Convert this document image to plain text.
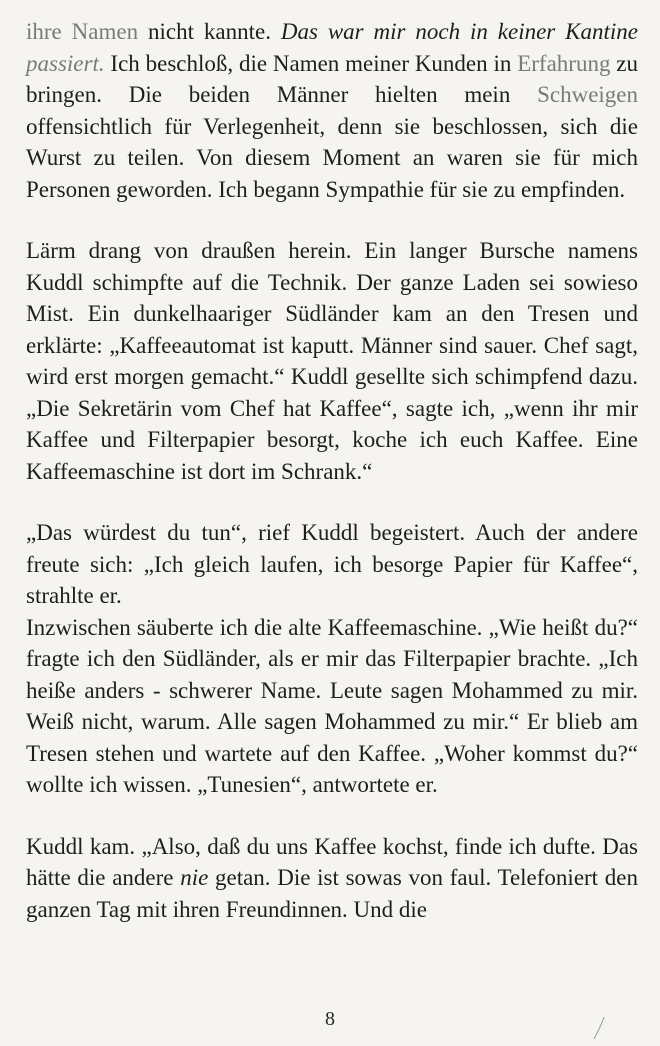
ihre Namen nicht kannte. Das war mir noch in keiner Kantine passiert. Ich beschloß, die Namen meiner Kunden in Erfahrung zu bringen. Die beiden Männer hielten mein Schweigen offensichtlich für Verlegenheit, denn sie beschlossen, sich die Wurst zu teilen. Von diesem Moment an waren sie für mich Personen geworden. Ich begann Sympathie für sie zu empfinden.

Lärm drang von draußen herein. Ein langer Bursche namens Kuddl schimpfte auf die Technik. Der ganze Laden sei sowieso Mist. Ein dunkelhaariger Südländer kam an den Tresen und erklärte: „Kaffeeautomat ist kaputt. Männer sind sauer. Chef sagt, wird erst morgen gemacht.“ Kuddl gesellte sich schimpfend dazu. „Die Sekretärin vom Chef hat Kaffee“, sagte ich, „wenn ihr mir Kaffee und Filterpapier besorgt, koche ich euch Kaffee. Eine Kaffeemaschine ist dort im Schrank.“

„Das würdest du tun“, rief Kuddl begeistert. Auch der andere freute sich: „Ich gleich laufen, ich besorge Papier für Kaffee“, strahlte er.

Inzwischen säuberte ich die alte Kaffeemaschine. „Wie heißt du?“ fragte ich den Südländer, als er mir das Filterpapier brachte. „Ich heiße anders - schwerer Name. Leute sagen Mohammed zu mir. Weiß nicht, warum. Alle sagen Mohammed zu mir.“ Er blieb am Tresen stehen und wartete auf den Kaffee. „Woher kommst du?“ wollte ich wissen. „Tunesien“, antwortete er.

Kuddl kam. „Also, daß du uns Kaffee kochst, finde ich dufte. Das hätte die andere nie getan. Die ist sowas von faul. Telefoniert den ganzen Tag mit ihren Freundinnen. Und die

8
